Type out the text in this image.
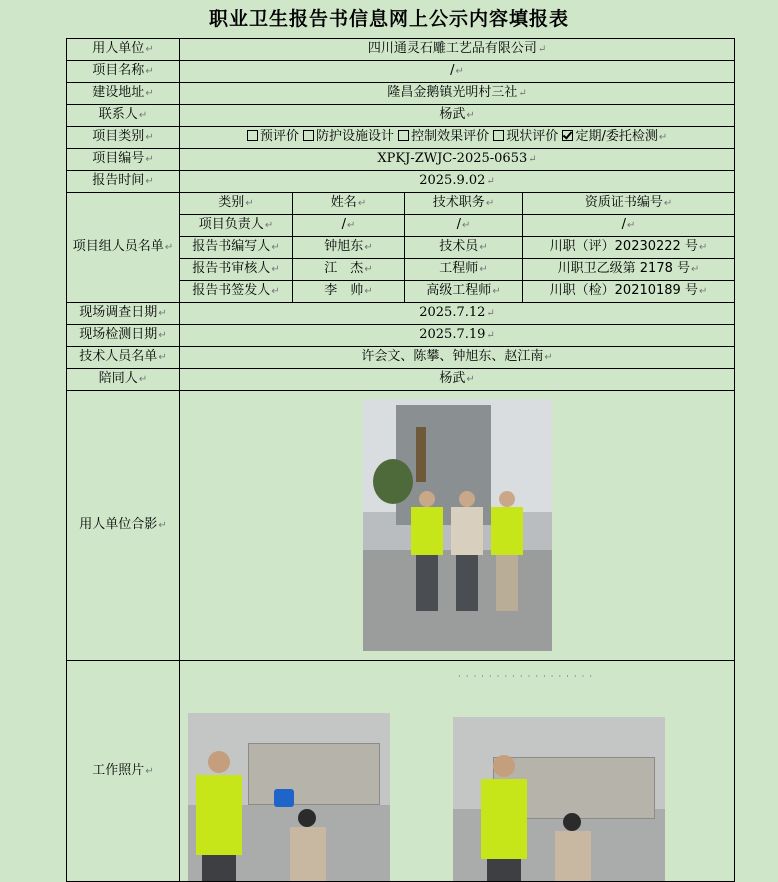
职业卫生报告书信息网上公示内容填报表
用人单位↵	四川通灵石雕工艺品有限公司↵			
项目名称↵	/↵			
建设地址↵	隆昌金鹅镇光明村三社↵			
联系人↵	杨武↵			
项目类别↵	预评价 防护设施设计 控制效果评价 现状评价 定期/委托检测↵			
项目编号↵	XPKJ-ZWJC-2025-0653↵			
报告时间↵	2025.9.02↵			
项目组人员名单↵	类别↵	姓名↵	技术职务↵	资质证书编号↵
	项目负责人↵	/↵	/↵	/↵
	报告书编写人↵	钟旭东↵	技术员↵	川职（评）20230222 号↵
	报告书审核人↵	江　杰↵	工程师↵	川职卫乙级第 2178 号↵
	报告书签发人↵	李　帅↵	高级工程师↵	川职（检）20210189 号↵
现场调查日期↵	2025.7.12↵			
现场检测日期↵	2025.7.19↵			
技术人员名单↵	许会文、陈攀、钟旭东、赵江南↵			
陪同人↵	杨武↵			
用人单位合影↵				

工作照片↵	· · · · · · · · · · · · · · · · · ·			
